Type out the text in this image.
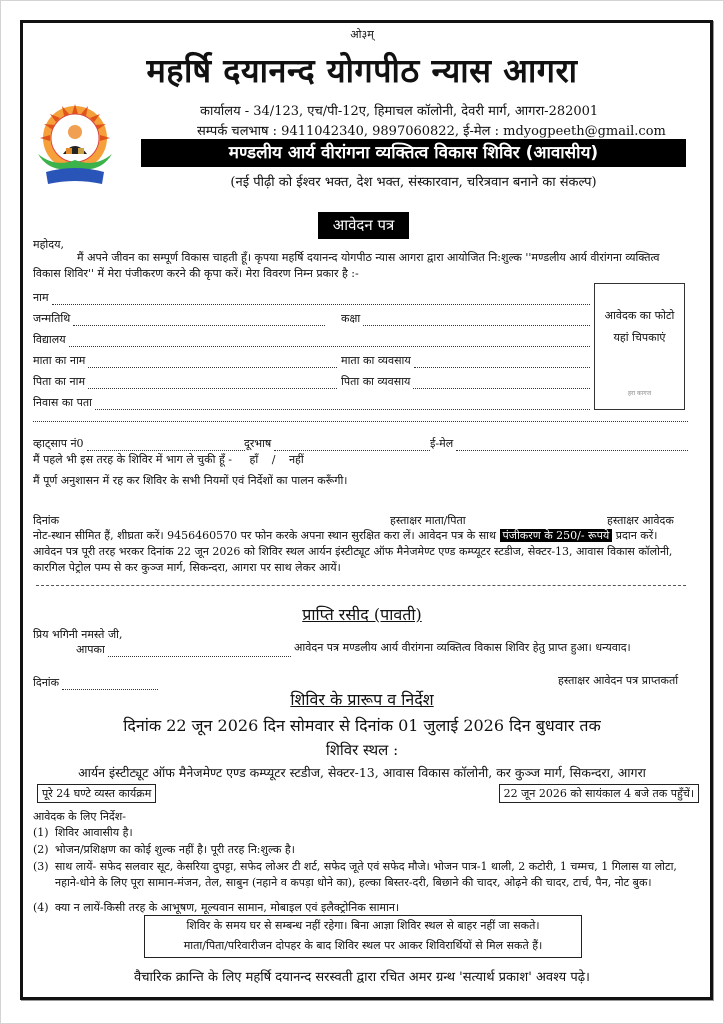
ओ३म्
महर्षि दयानन्द योगपीठ न्यास आगरा
कार्यालय - 34/123, एच/पी-12ए, हिमाचल कॉलोनी, देवरी मार्ग, आगरा-282001
सम्पर्क चलभाष : 9411042340, 9897060822, ई-मेल : mdyogpeeth@gmail.com
मण्डलीय आर्य वीरांगना व्यक्तित्व विकास शिविर (आवासीय)
(नई पीढ़ी को ईश्वर भक्त, देश भक्त, संस्कारवान, चरित्रवान बनाने का संकल्प)
आवेदन पत्र
महोदय,
मैं अपने जीवन का सम्पूर्ण विकास चाहती हूँ। कृपया महर्षि दयानन्द योगपीठ न्यास आगरा द्वारा आयोजित नि:शुल्क ''मण्डलीय आर्य वीरांगना व्यक्तित्व विकास शिविर'' में मेरा पंजीकरण करने की कृपा करें। मेरा विवरण निम्न प्रकार है :-
नाम
जन्मतिथि	कक्षा
विद्यालय
माता का नाम	माता का व्यवसाय
पिता का नाम	पिता का व्यवसाय
निवास का पता
व्हाट्साप नं0	दूरभाष	ई-मेल
आवेदक का फोटो
यहां चिपकाएं
हरा कागज
मैं पहले भी इस तरह के शिविर में भाग ले चुकी हूँ - हाँ / नहीं
मैं पूर्ण अनुशासन में रह कर शिविर के सभी नियमों एवं निर्देशों का पालन करूँगी।
दिनांक	हस्ताक्षर माता/पिता	हस्ताक्षर आवेदक
नोट-स्थान सीमित हैं, शीघ्रता करें। 9456460570 पर फोन करके अपना स्थान सुरक्षित करा लें। आवेदन पत्र के साथ पंजीकरण के 250/- रूपये प्रदान करें। आवेदन पत्र पूरी तरह भरकर दिनांक 22 जून 2026 को शिविर स्थल आर्यन इंस्टीट्यूट ऑफ मैनेजमेण्ट एण्ड कम्प्यूटर स्टडीज, सेक्टर-13, आवास विकास कॉलोनी, कारगिल पेट्रोल पम्प से कर कुञ्ज मार्ग, सिकन्दरा, आगरा पर साथ लेकर आयें।
प्राप्ति रसीद (पावती)
प्रिय भगिनी नमस्ते जी,
आपका	आवेदन पत्र मण्डलीय आर्य वीरांगना व्यक्तित्व विकास शिविर हेतु प्राप्त हुआ। धन्यवाद।
दिनांक	हस्ताक्षर आवेदन पत्र प्राप्तकर्ता
शिविर के प्रारूप व निर्देश
दिनांक 22 जून 2026 दिन सोमवार से दिनांक 01 जुलाई 2026 दिन बुधवार तक
शिविर स्थल :
आर्यन इंस्टीट्यूट ऑफ मैनेजमेण्ट एण्ड कम्प्यूटर स्टडीज, सेक्टर-13, आवास विकास कॉलोनी, कर कुञ्ज मार्ग, सिकन्दरा, आगरा
पूरे 24 घण्टे व्यस्त कार्यक्रम	22 जून 2026 को सायंकाल 4 बजे तक पहुँचें।
आवेदक के लिए निर्देश-
(1) शिविर आवासीय है।
(2) भोजन/प्रशिक्षण का कोई शुल्क नहीं है। पूरी तरह नि:शुल्क है।
(3) साथ लायें- सफेद सलवार सूट, केसरिया दुपट्टा, सफेद लोअर टी शर्ट, सफेद जूते एवं सफेद मौजे। भोजन पात्र-1 थाली, 2 कटोरी, 1 चम्मच, 1 गिलास या लोटा, नहाने-धोने के लिए पूरा सामान-मंजन, तेल, साबुन (नहाने व कपड़ा धोने का), हल्का बिस्तर-दरी, बिछाने की चादर, ओढ़ने की चादर, टार्च, पैन, नोट बुक।
(4) क्या न लायें-किसी तरह के आभूषण, मूल्यवान सामान, मोबाइल एवं इलैक्ट्रोनिक सामान।
शिविर के समय घर से सम्बन्ध नहीं रहेगा। बिना आज्ञा शिविर स्थल से बाहर नहीं जा सकते।
माता/पिता/परिवारीजन दोपहर के बाद शिविर स्थल पर आकर शिविरार्थियों से मिल सकते हैं।
वैचारिक क्रान्ति के लिए महर्षि दयानन्द सरस्वती द्वारा रचित अमर ग्रन्थ 'सत्यार्थ प्रकाश' अवश्य पढ़े।
